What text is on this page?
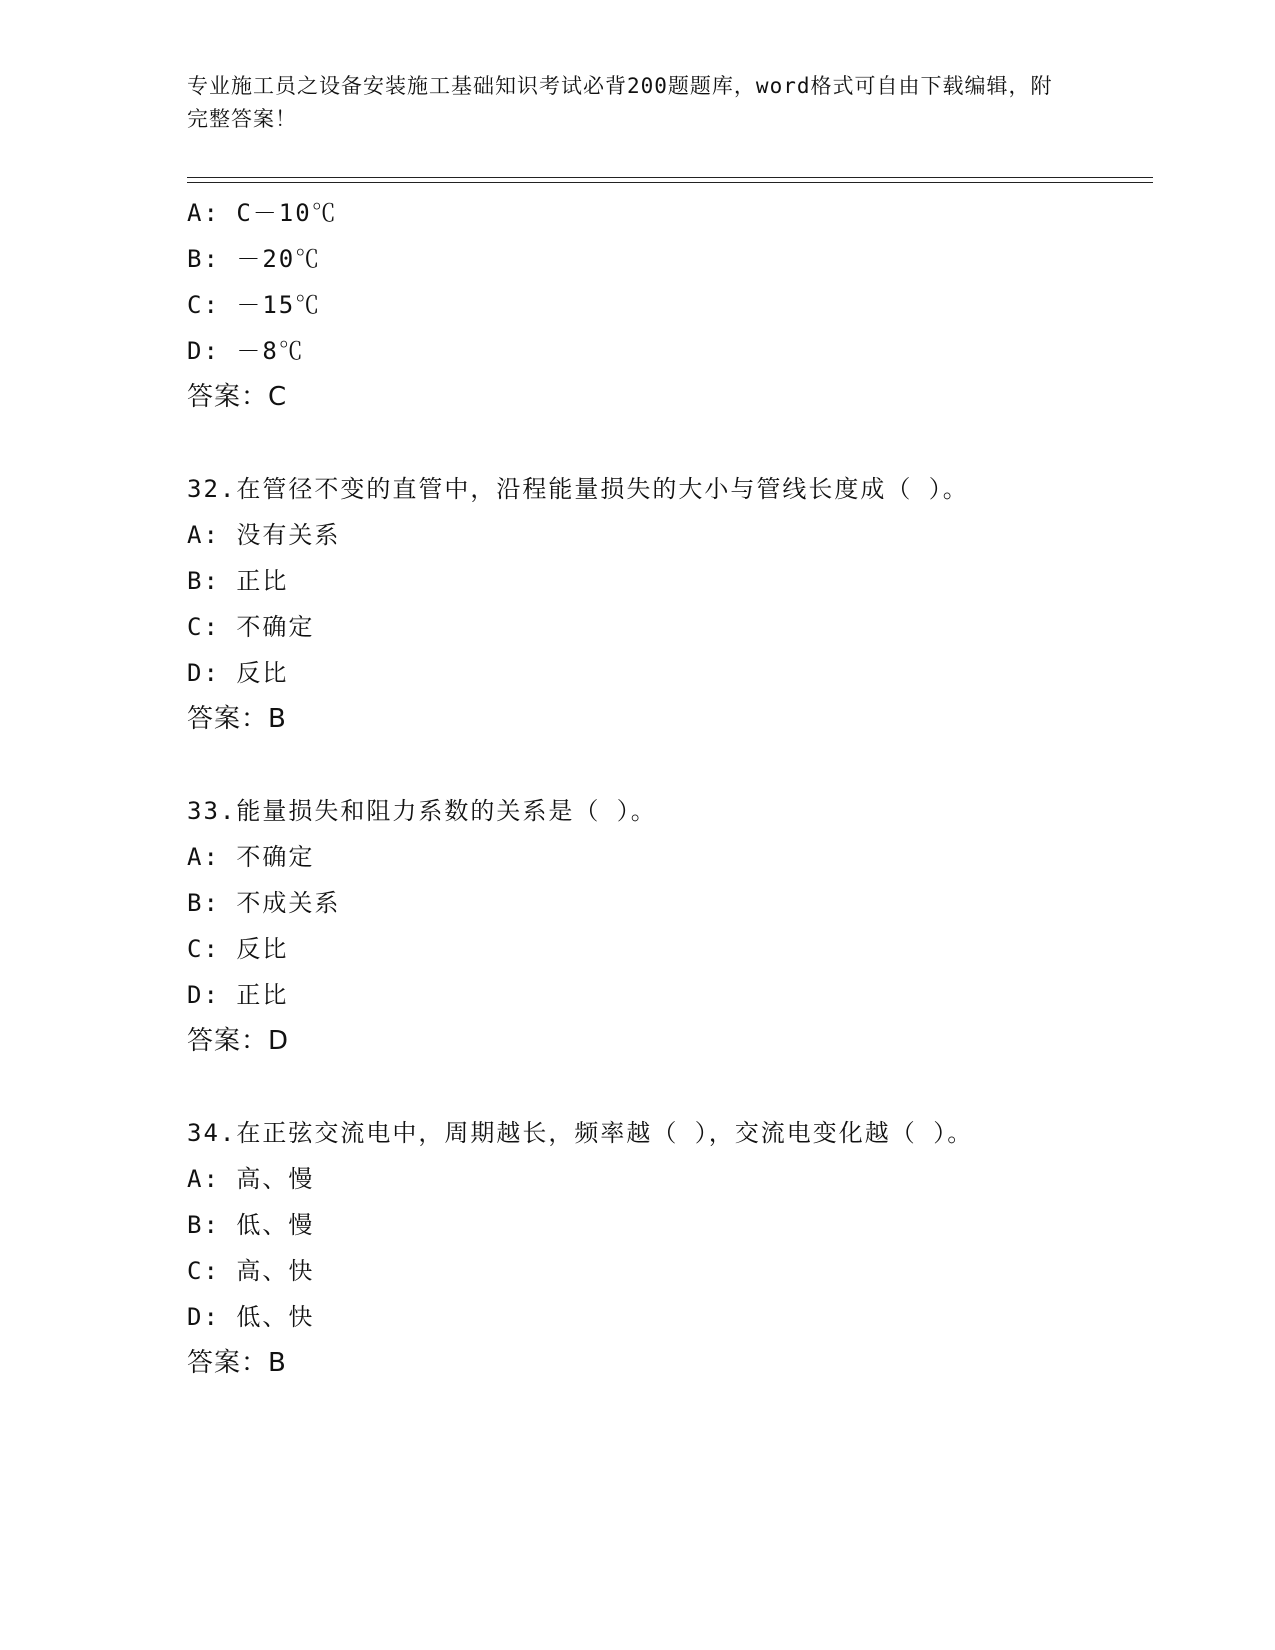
专业施工员之设备安装施工基础知识考试必背200题题库，word格式可自由下载编辑，附完整答案！

A: C－10℃
B: －20℃
C: －15℃
D: －8℃
答案：C
32.在管径不变的直管中，沿程能量损失的大小与管线长度成（ ）。
A: 没有关系
B: 正比
C: 不确定
D: 反比
答案：B
33.能量损失和阻力系数的关系是（ ）。
A: 不确定
B: 不成关系
C: 反比
D: 正比
答案：D
34.在正弦交流电中，周期越长，频率越（ ），交流电变化越（ ）。
A: 高、慢
B: 低、慢
C: 高、快
D: 低、快
答案：B
